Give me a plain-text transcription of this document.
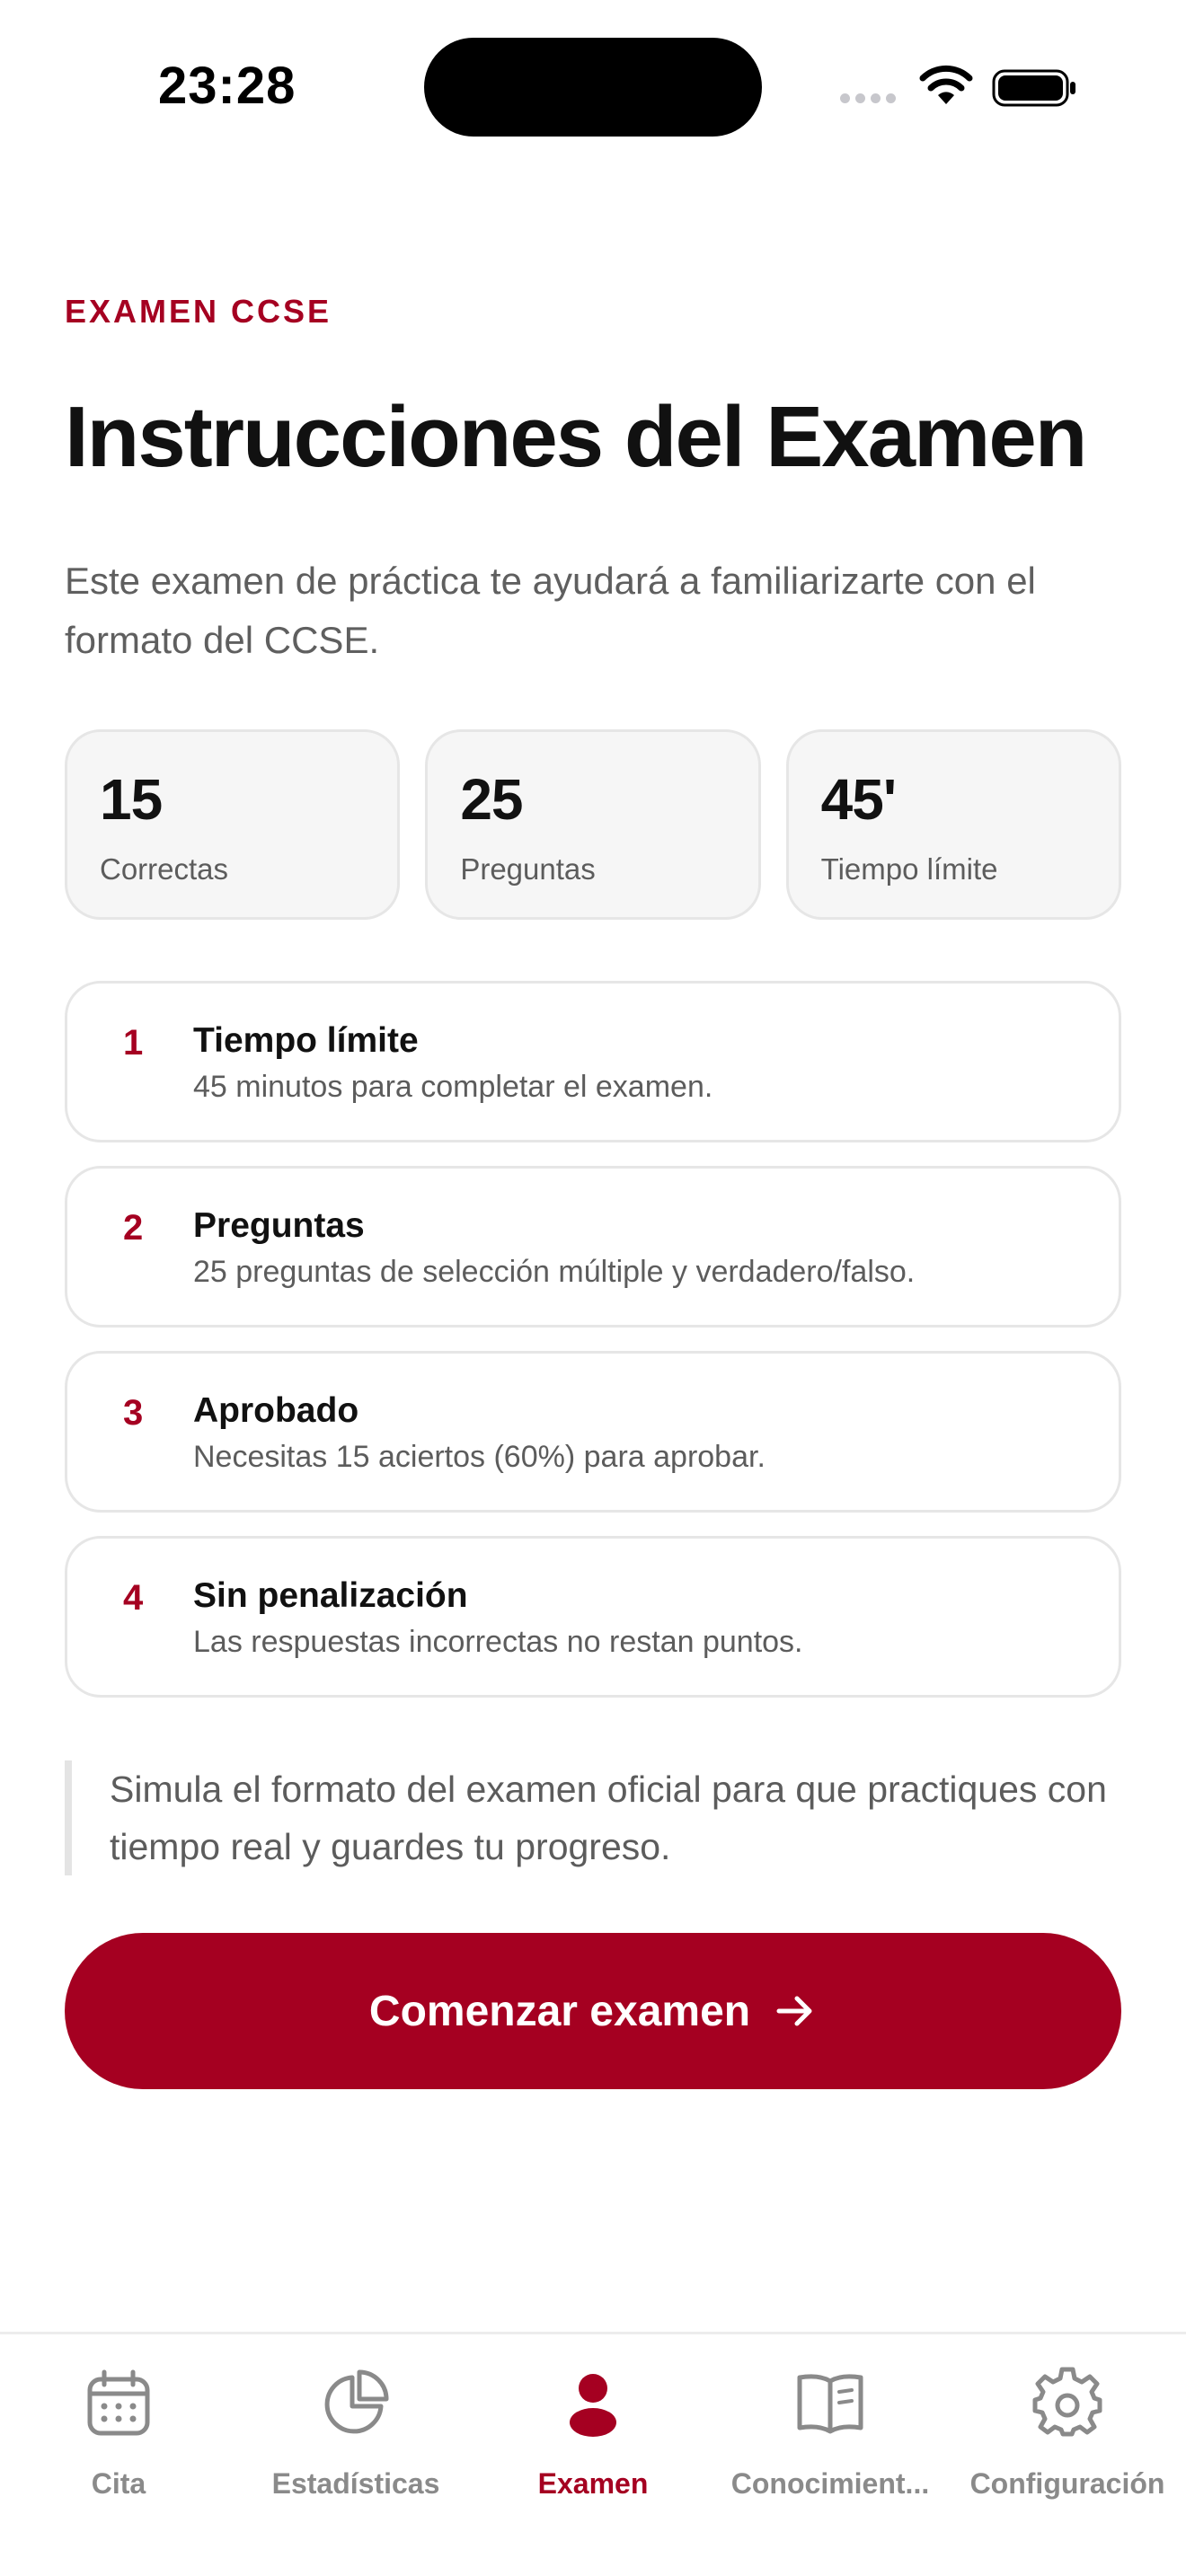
23:28
EXAMEN CCSE
Instrucciones del Examen

Este examen de práctica te ayudará a familiarizarte con el formato del CCSE.

15
Correctas
25
Preguntas
45'
Tiempo límite
1 Tiempo límite
45 minutos para completar el examen.
2 Preguntas
25 preguntas de selección múltiple y verdadero/falso.
3 Aprobado
Necesitas 15 aciertos (60%) para aprobar.
4 Sin penalización
Las respuestas incorrectas no restan puntos.
Simula el formato del examen oficial para que practiques con tiempo real y guardes tu progreso.
Comenzar examen
Cita	Estadísticas	Examen	Conocimient...	Configuración
